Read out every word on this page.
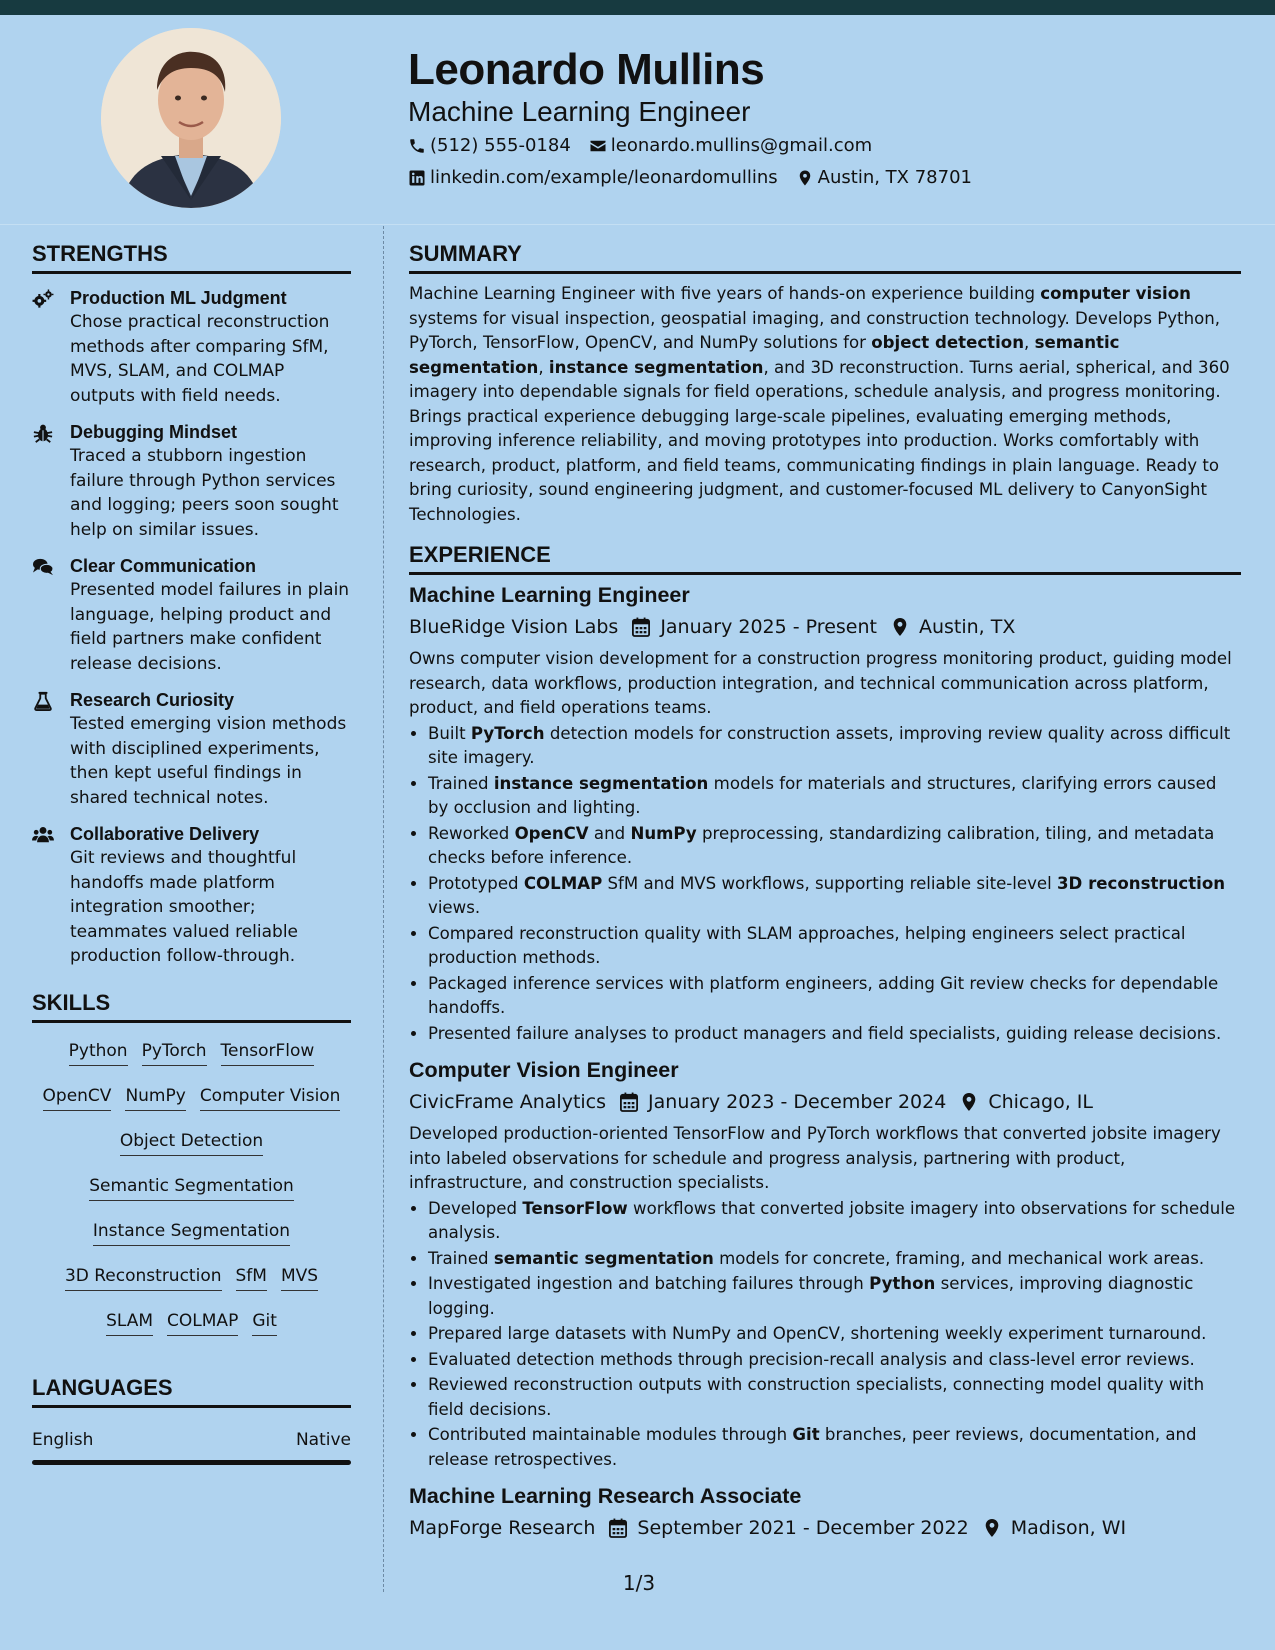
Leonardo Mullins
Machine Learning Engineer
(512) 555-0184 leonardo.mullins@gmail.com
linkedin.com/example/leonardomullins Austin, TX 78701
STRENGTHS
Production ML Judgment
Chose practical reconstruction methods after comparing SfM, MVS, SLAM, and COLMAP outputs with field needs.
Debugging Mindset
Traced a stubborn ingestion failure through Python services and logging; peers soon sought help on similar issues.
Clear Communication
Presented model failures in plain language, helping product and field partners make confident release decisions.
Research Curiosity
Tested emerging vision methods with disciplined experiments, then kept useful findings in shared technical notes.
Collaborative Delivery
Git reviews and thoughtful handoffs made platform integration smoother; teammates valued reliable production follow-through.
SKILLS
Python PyTorch TensorFlow
OpenCV NumPy Computer Vision
Object Detection
Semantic Segmentation
Instance Segmentation
3D Reconstruction SfM MVS
SLAM COLMAP Git
LANGUAGES
English	Native
SUMMARY
Machine Learning Engineer with five years of hands-on experience building computer vision systems for visual inspection, geospatial imaging, and construction technology. Develops Python, PyTorch, TensorFlow, OpenCV, and NumPy solutions for object detection, semantic segmentation, instance segmentation, and 3D reconstruction. Turns aerial, spherical, and 360 imagery into dependable signals for field operations, schedule analysis, and progress monitoring. Brings practical experience debugging large-scale pipelines, evaluating emerging methods, improving inference reliability, and moving prototypes into production. Works comfortably with research, product, platform, and field teams, communicating findings in plain language. Ready to bring curiosity, sound engineering judgment, and customer-focused ML delivery to CanyonSight Technologies.
EXPERIENCE
Machine Learning Engineer
BlueRidge Vision Labs January 2025 - Present Austin, TX
Owns computer vision development for a construction progress monitoring product, guiding model research, data workflows, production integration, and technical communication across platform, product, and field operations teams.
• Built PyTorch detection models for construction assets, improving review quality across difficult site imagery.
• Trained instance segmentation models for materials and structures, clarifying errors caused by occlusion and lighting.
• Reworked OpenCV and NumPy preprocessing, standardizing calibration, tiling, and metadata checks before inference.
• Prototyped COLMAP SfM and MVS workflows, supporting reliable site-level 3D reconstruction views.
• Compared reconstruction quality with SLAM approaches, helping engineers select practical production methods.
• Packaged inference services with platform engineers, adding Git review checks for dependable handoffs.
• Presented failure analyses to product managers and field specialists, guiding release decisions.
Computer Vision Engineer
CivicFrame Analytics January 2023 - December 2024 Chicago, IL
Developed production-oriented TensorFlow and PyTorch workflows that converted jobsite imagery into labeled observations for schedule and progress analysis, partnering with product, infrastructure, and construction specialists.
• Developed TensorFlow workflows that converted jobsite imagery into observations for schedule analysis.
• Trained semantic segmentation models for concrete, framing, and mechanical work areas.
• Investigated ingestion and batching failures through Python services, improving diagnostic logging.
• Prepared large datasets with NumPy and OpenCV, shortening weekly experiment turnaround.
• Evaluated detection methods through precision-recall analysis and class-level error reviews.
• Reviewed reconstruction outputs with construction specialists, connecting model quality with field decisions.
• Contributed maintainable modules through Git branches, peer reviews, documentation, and release retrospectives.
Machine Learning Research Associate
MapForge Research September 2021 - December 2022 Madison, WI
1/3
